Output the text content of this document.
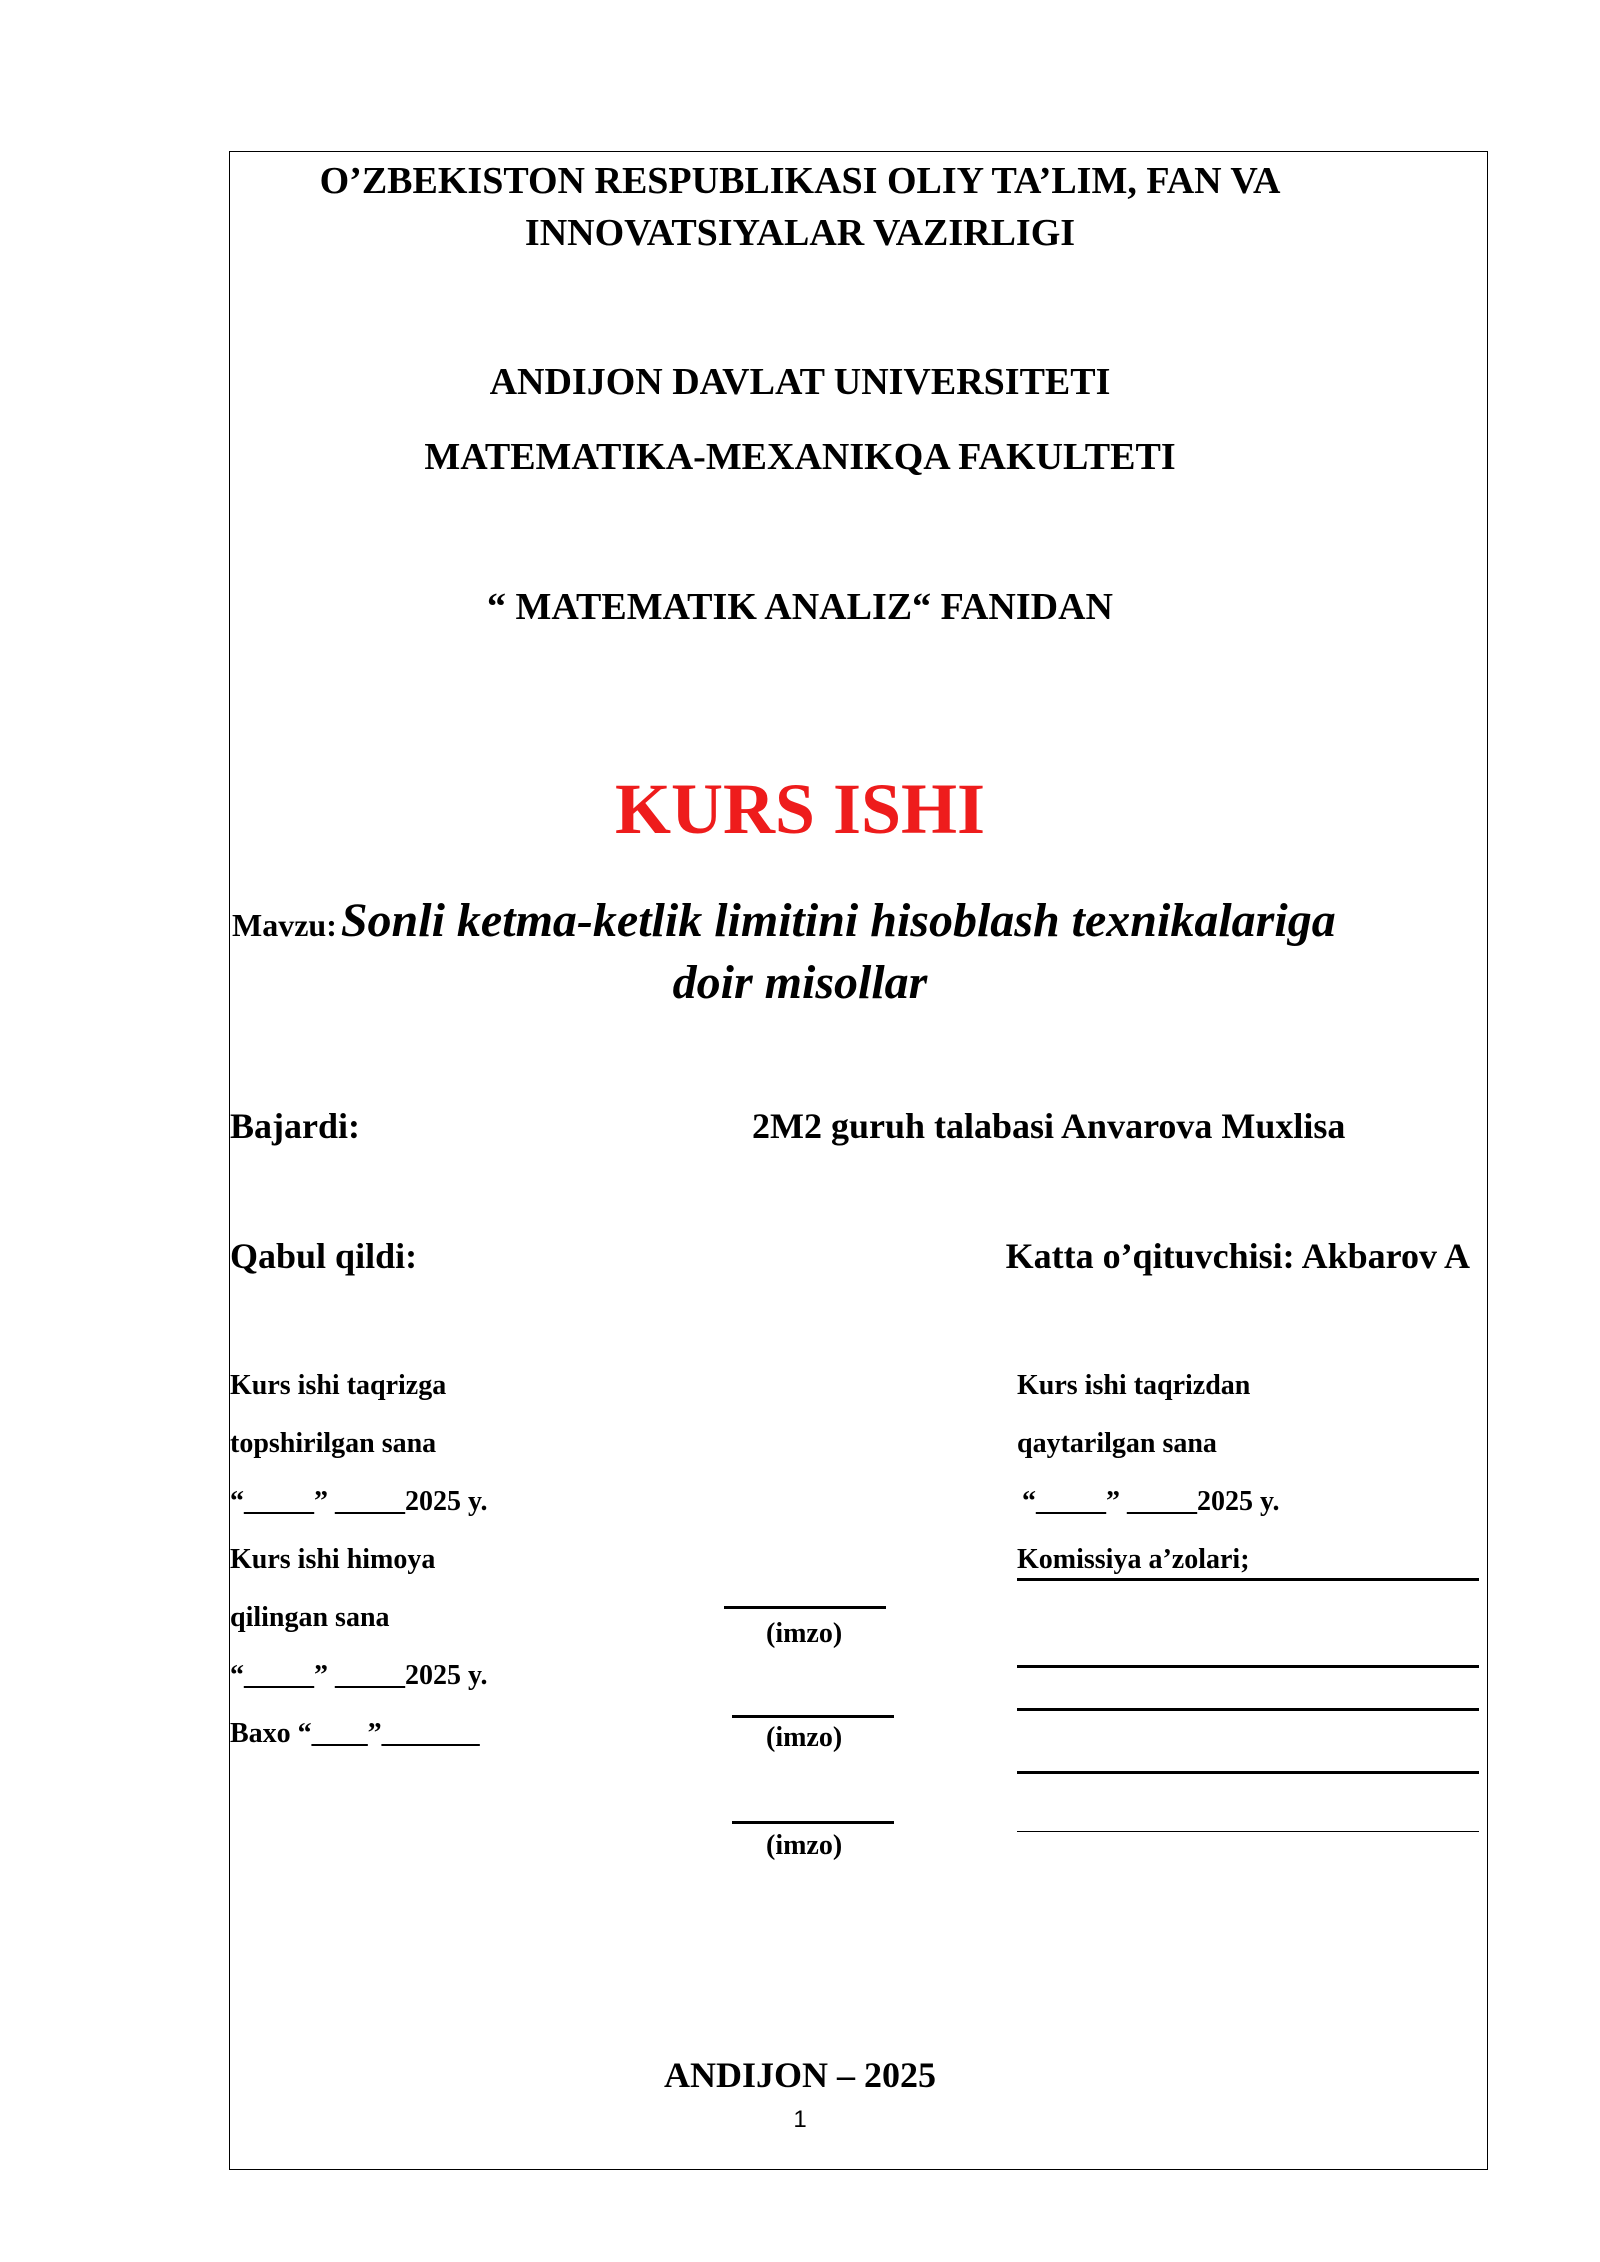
O’ZBEKISTON RESPUBLIKASI OLIY TA’LIM, FAN VA
INNOVATSIYALAR VAZIRLIGI
ANDIJON DAVLAT UNIVERSITETI
MATEMATIKA-MEXANIKQA FAKULTETI
“ MATEMATIK ANALIZ“ FANIDAN
KURS ISHI
Mavzu: Sonli ketma-ketlik limitini hisoblash texnikalariga
doir misollar
Bajardi:	2M2 guruh talabasi Anvarova Muxlisa
Qabul qildi:	Katta o’qituvchisi: Akbarov A
Kurs ishi taqrizga
topshirilgan sana
“_____” _____2025 y.
Kurs ishi himoya
qilingan sana
“_____” _____2025 y.
Baxo “____”_______
(imzo)
(imzo)
(imzo)
Kurs ishi taqrizdan
qaytarilgan sana
“_____” _____2025 y.
Komissiya a’zolari;
ANDIJON – 2025
1
